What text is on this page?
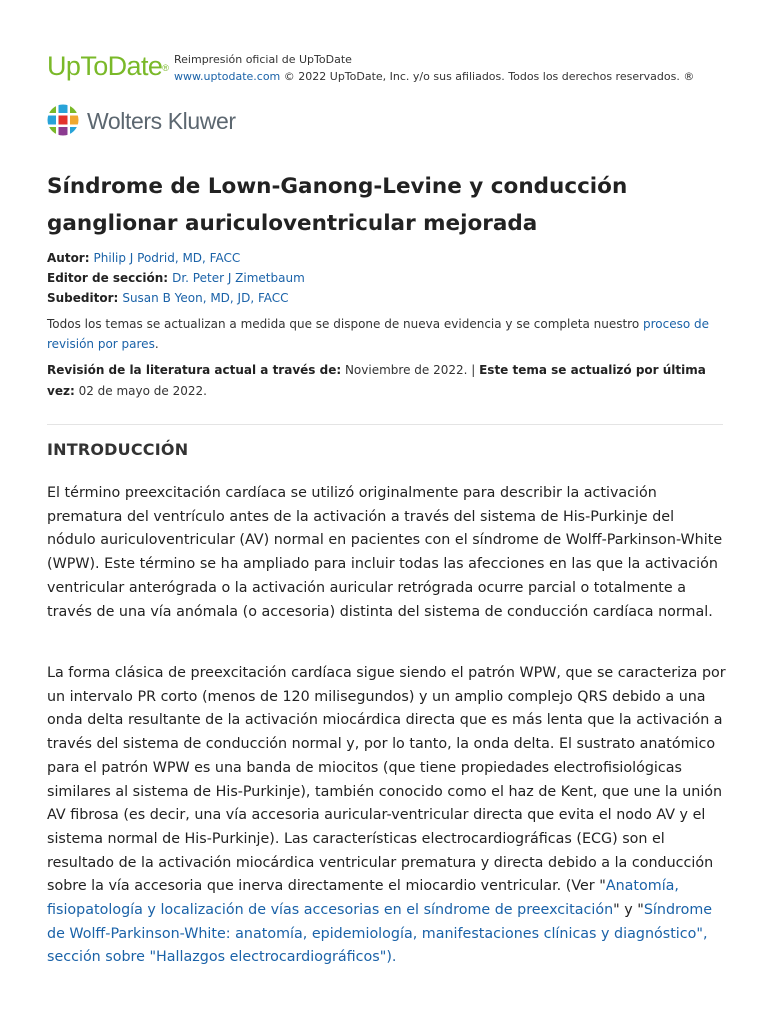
UpToDate®
Reimpresión oficial de UpToDate
www.uptodate.com © 2022 UpToDate, Inc. y/o sus afiliados. Todos los derechos reservados. ®
Wolters Kluwer
Síndrome de Lown-Ganong-Levine y conducción ganglionar auriculoventricular mejorada
Autor: Philip J Podrid, MD, FACC
Editor de sección: Dr. Peter J Zimetbaum
Subeditor: Susan B Yeon, MD, JD, FACC
Todos los temas se actualizan a medida que se dispone de nueva evidencia y se completa nuestro proceso de revisión por pares.
Revisión de la literatura actual a través de: Noviembre de 2022. | Este tema se actualizó por última vez: 02 de mayo de 2022.
INTRODUCCIÓN

El término preexcitación cardíaca se utilizó originalmente para describir la activación prematura del ventrículo antes de la activación a través del sistema de His-Purkinje del nódulo auriculoventricular (AV) normal en pacientes con el síndrome de Wolff-Parkinson-White (WPW). Este término se ha ampliado para incluir todas las afecciones en las que la activación ventricular anterógrada o la activación auricular retrógrada ocurre parcial o totalmente a través de una vía anómala (o accesoria) distinta del sistema de conducción cardíaca normal.

La forma clásica de preexcitación cardíaca sigue siendo el patrón WPW, que se caracteriza por un intervalo PR corto (menos de 120 milisegundos) y un amplio complejo QRS debido a una onda delta resultante de la activación miocárdica directa que es más lenta que la activación a través del sistema de conducción normal y, por lo tanto, la onda delta. El sustrato anatómico para el patrón WPW es una banda de miocitos (que tiene propiedades electrofisiológicas similares al sistema de His-Purkinje), también conocido como el haz de Kent, que une la unión AV fibrosa (es decir, una vía accesoria auricular-ventricular directa que evita el nodo AV y el sistema normal de His-Purkinje). Las características electrocardiográficas (ECG) son el resultado de la activación miocárdica ventricular prematura y directa debido a la conducción sobre la vía accesoria que inerva directamente el miocardio ventricular. (Ver "Anatomía, fisiopatología y localización de vías accesorias en el síndrome de preexcitación" y "Síndrome de Wolff-Parkinson-White: anatomía, epidemiología, manifestaciones clínicas y diagnóstico", sección sobre "Hallazgos electrocardiográficos").
